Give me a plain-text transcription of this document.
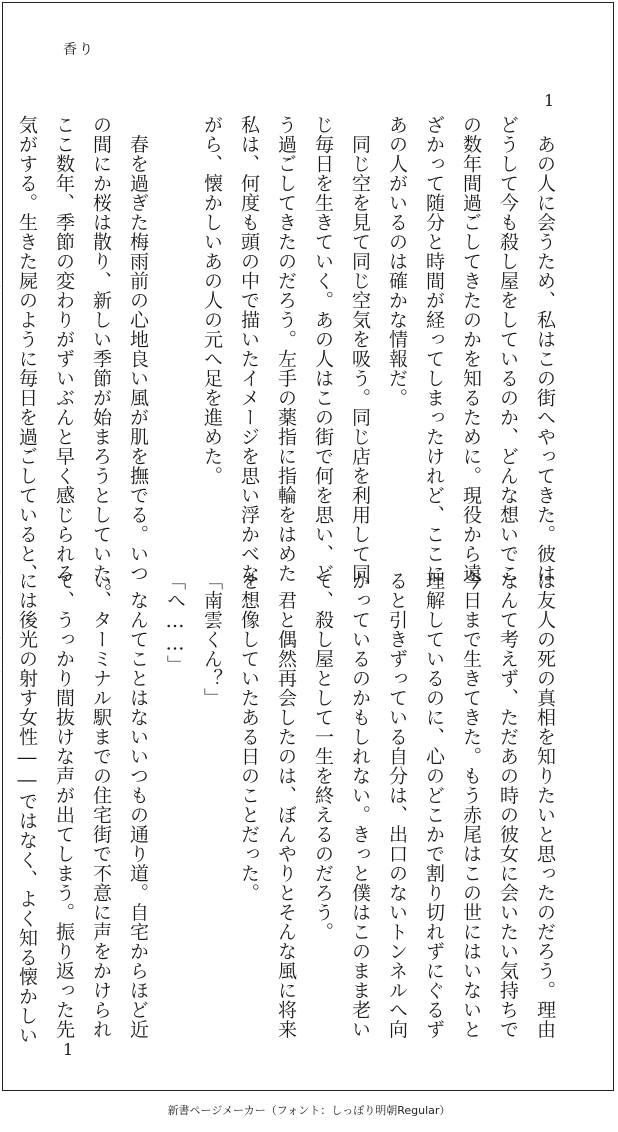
香り
1
　あの人に会うため、私はこの街へやってきた。彼は
どうして今も殺し屋をしているのか、どんな想いでこ
の数年間過ごしてきたのかを知るために。現役から遠
ざかって随分と時間が経ってしまったけれど、ここに
あの人がいるのは確かな情報だ。
　同じ空を見て同じ空気を吸う。同じ店を利用して同
じ毎日を生きていく。あの人はこの街で何を思い、ど
う過ごしてきたのだろう。左手の薬指に指輪をはめた
私は、何度も頭の中で描いたイメージを思い浮かべな
がら、懐かしいあの人の元へ足を進めた。

　春を過ぎた梅雨前の心地良い風が肌を撫でる。いつ
の間にか桜は散り、新しい季節が始まろうとしていた。
ここ数年、季節の変わりがずいぶんと早く感じられる
気がする。生きた屍のように毎日を過ごしていると、
は友人の死の真相を知りたいと思ったのだろう。理由
なんて考えず、ただあの時の彼女に会いたい気持ちで
今日まで生きてきた。もう赤尾はこの世にはいないと
理解しているのに、心のどこかで割り切れずにぐるず
ると引きずっている自分は、出口のないトンネルへ向
かっているのかもしれない。きっと僕はこのまま老い
て、殺し屋として一生を終えるのだろう。
　君と偶然再会したのは、ぼんやりとそんな風に将来
を想像していたある日のことだった。
「南雲くん？」
「へ……」
　なんてことはないいつもの通り道。自宅からほど近
い、ターミナル駅までの住宅街で不意に声をかけられ
て、うっかり間抜けな声が出てしまう。振り返った先
には後光の射す女性――ではなく、よく知る懐かしい
1
新書ページメーカー（フォント：しっぽり明朝Regular）
